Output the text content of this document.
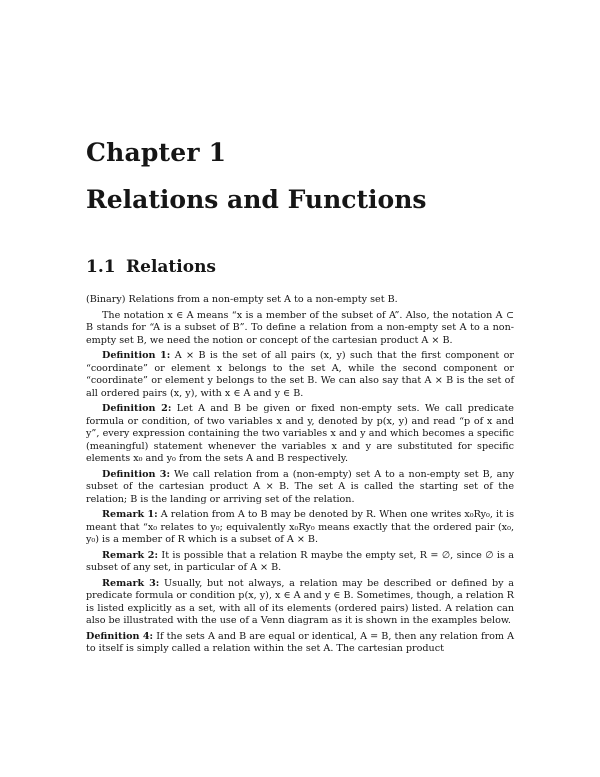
Chapter 1
Relations and Functions
1.1 Relations

(Binary) Relations from a non-empty set A to a non-empty set B.

The notation x ∈ A means “x is a member of the subset of A”. Also, the notation A ⊂ B stands for “A is a subset of B”. To define a relation from a non-empty set A to a non-empty set B, we need the notion or concept of the cartesian product A × B.

Definition 1: A × B is the set of all pairs (x, y) such that the first component or “coordinate” or element x belongs to the set A, while the second component or “coordinate” or element y belongs to the set B. We can also say that A × B is the set of all ordered pairs (x, y), with x ∈ A and y ∈ B.

Definition 2: Let A and B be given or fixed non-empty sets. We call predicate formula or condition, of two variables x and y, denoted by p(x, y) and read “p of x and y”, every expression containing the two variables x and y and which becomes a specific (meaningful) statement whenever the variables x and y are substituted for specific elements x₀ and y₀ from the sets A and B respectively.

Definition 3: We call relation from a (non-empty) set A to a non-empty set B, any subset of the cartesian product A × B. The set A is called the starting set of the relation; B is the landing or arriving set of the relation.

Remark 1: A relation from A to B may be denoted by R. When one writes x₀Ry₀, it is meant that “x₀ relates to y₀; equivalently x₀Ry₀ means exactly that the ordered pair (x₀, y₀) is a member of R which is a subset of A × B.

Remark 2: It is possible that a relation R maybe the empty set, R = ∅, since ∅ is a subset of any set, in particular of A × B.

Remark 3: Usually, but not always, a relation may be described or defined by a predicate formula or condition p(x, y), x ∈ A and y ∈ B. Sometimes, though, a relation R is listed explicitly as a set, with all of its elements (ordered pairs) listed. A relation can also be illustrated with the use of a Venn diagram as it is shown in the examples below.

Definition 4: If the sets A and B are equal or identical, A = B, then any relation from A to itself is simply called a relation within the set A. The cartesian product
